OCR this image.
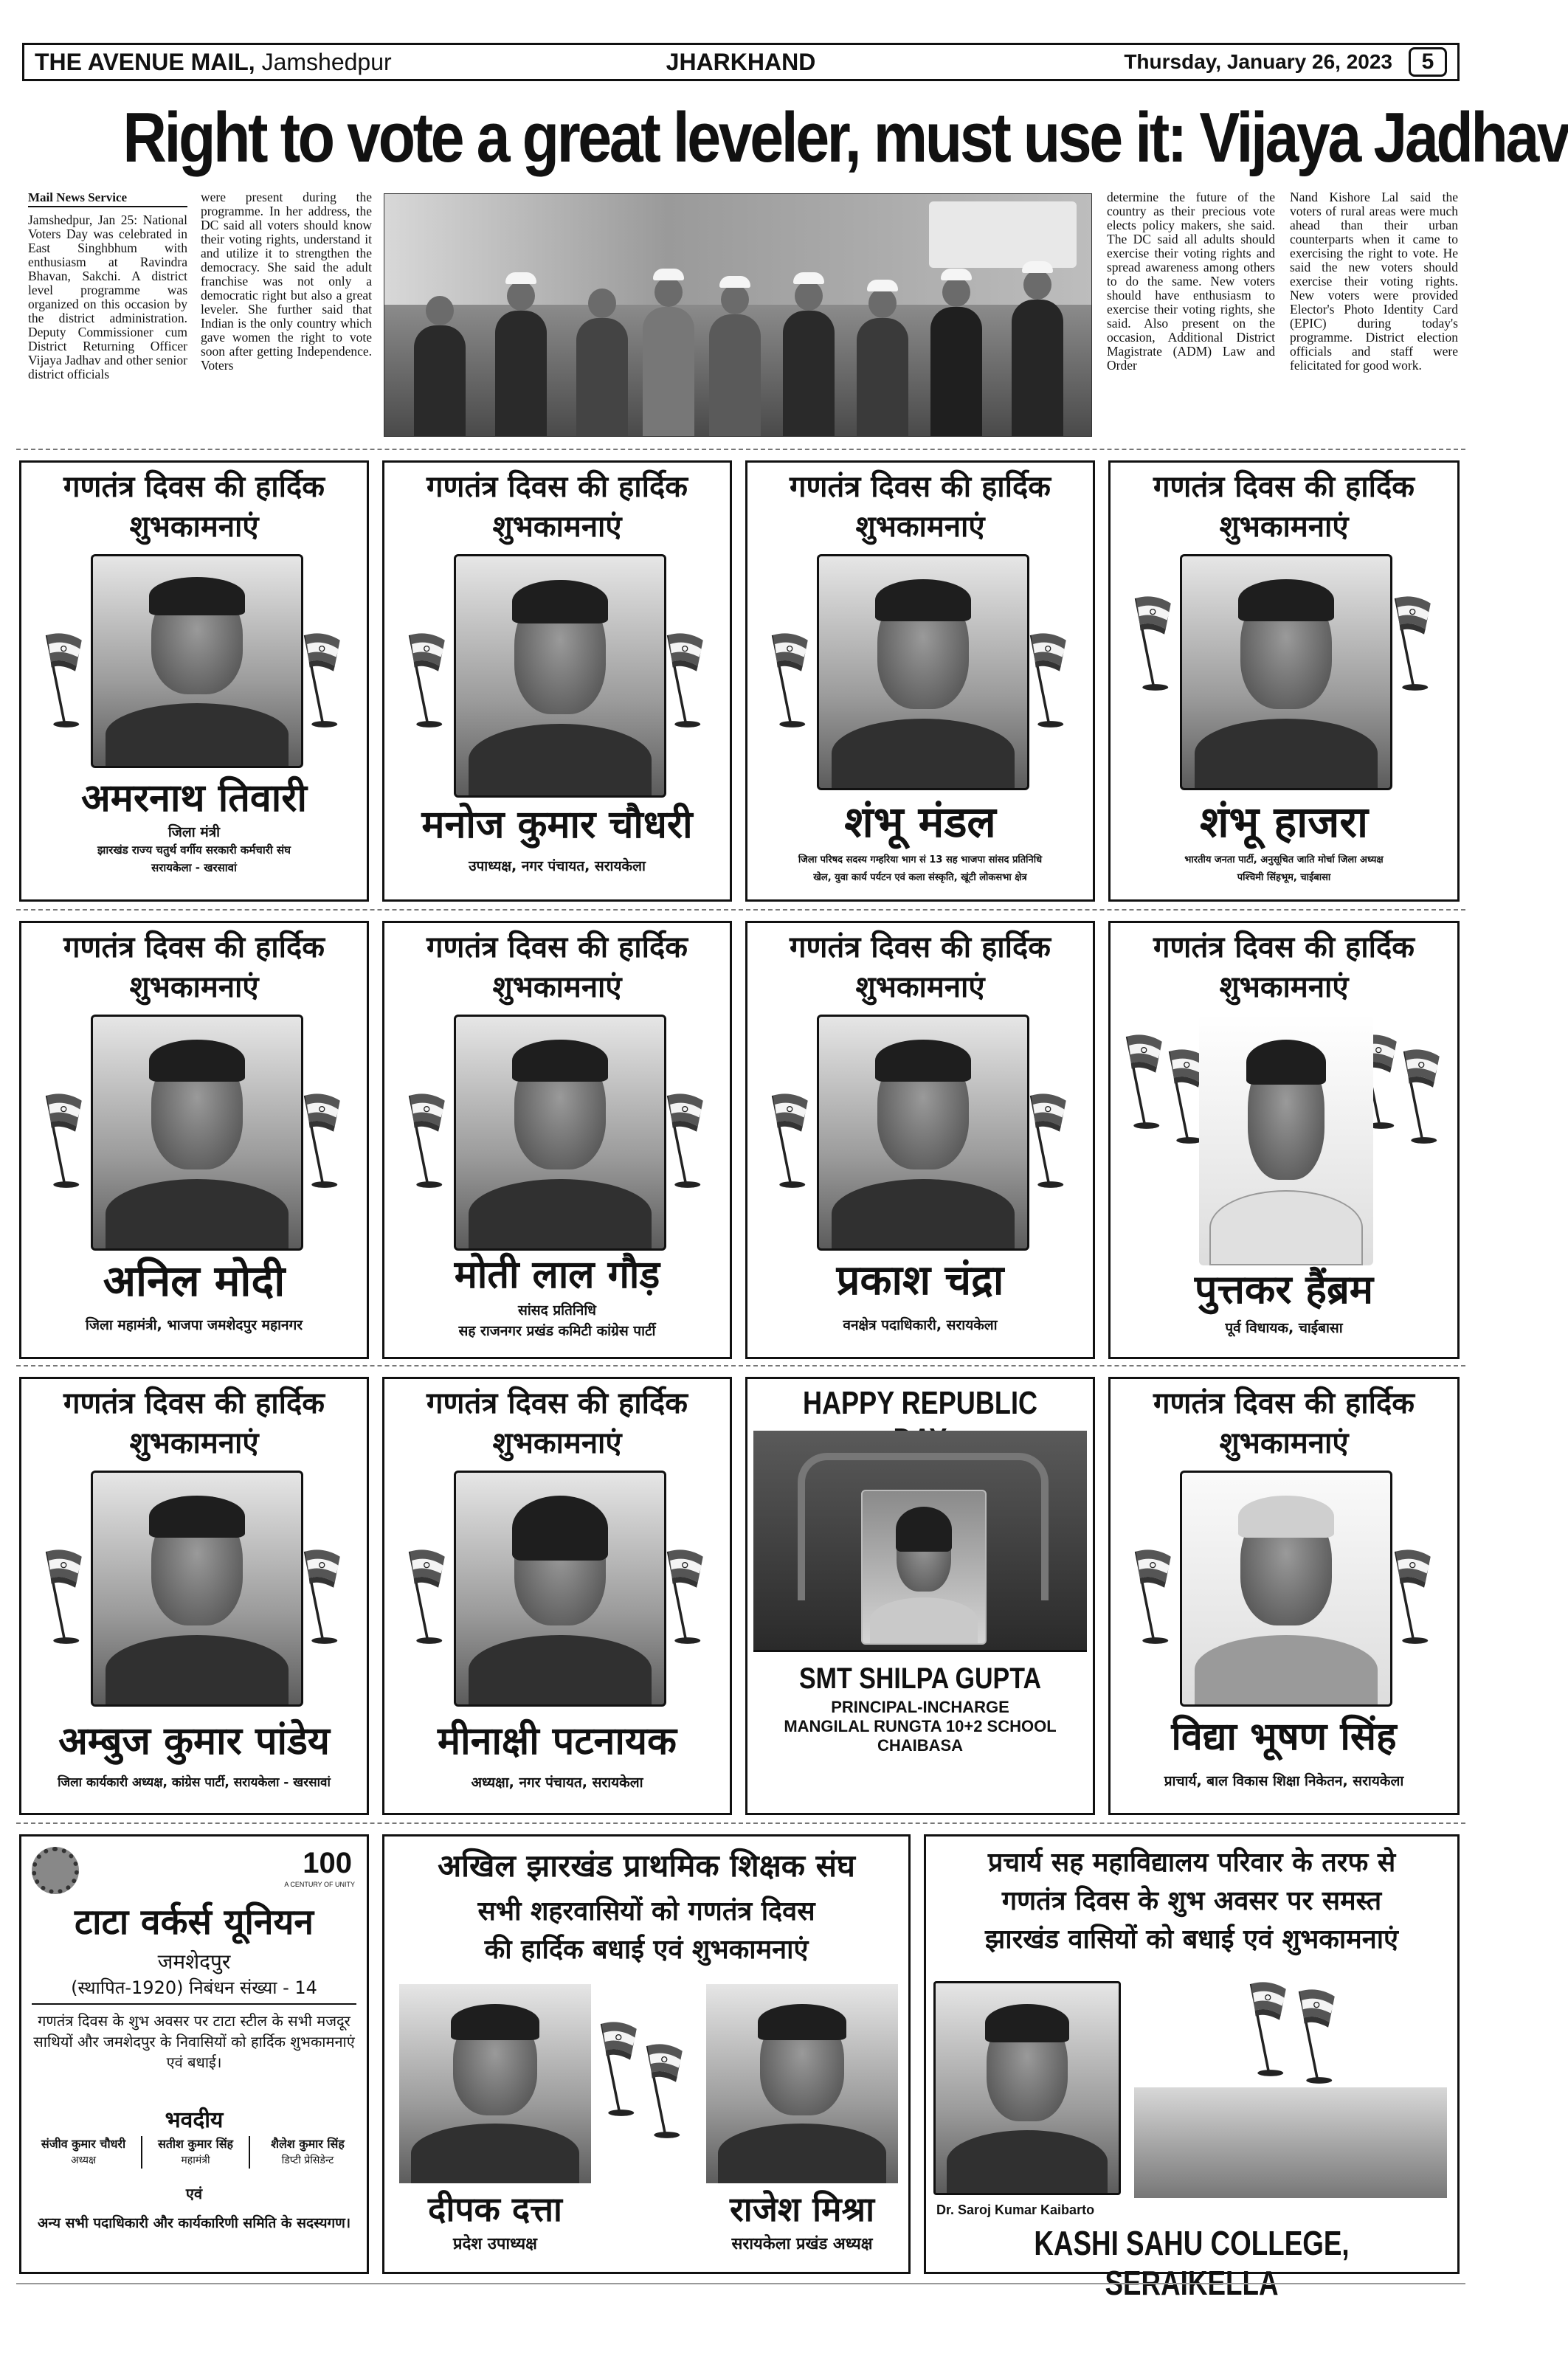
THE AVENUE MAIL, Jamshedpur	JHARKHAND	Thursday, January 26, 2023	5
Right to vote a great leveler, must use it: Vijaya Jadhav
Mail News Service
Jamshedpur, Jan 25: National Voters Day was celebrated in East Singhbhum with enthusiasm at Ravindra Bhavan, Sakchi. A district level programme was organized on this occasion by the district administration. Deputy Commissioner cum District Returning Officer Vijaya Jadhav and other senior district officials
were present during the programme. In her address, the DC said all voters should know their voting rights, understand it and utilize it to strengthen the democracy. She said the adult franchise was not only a democratic right but also a great leveler. She further said that Indian is the only country which gave women the right to vote soon after getting Independence. Voters
determine the future of the country as their precious vote elects policy makers, she said. The DC said all adults should exercise their voting rights and spread awareness among others to do the same. New voters should have enthusiasm to exercise their voting rights, she said. Also present on the occasion, Additional District Magistrate (ADM) Law and Order
Nand Kishore Lal said the voters of rural areas were much ahead than their urban counterparts when it came to exercising the right to vote. He said the new voters should exercise their voting rights. New voters were provided Elector's Photo Identity Card (EPIC) during today's programme. District election officials and staff were felicitated for good work.
गणतंत्र दिवस की हार्दिक शुभकामनाएं
अमरनाथ तिवारी
जिला मंत्री
झारखंड राज्य चतुर्थ वर्गीय सरकारी कर्मचारी संघ
सरायकेला - खरसावां
गणतंत्र दिवस की हार्दिक शुभकामनाएं
मनोज कुमार चौधरी
उपाध्यक्ष, नगर पंचायत, सरायकेला
गणतंत्र दिवस की हार्दिक शुभकामनाएं
शंभू मंडल
जिला परिषद सदस्य गम्हरिया भाग सं 13 सह भाजपा सांसद प्रतिनिधि
खेल, युवा कार्य पर्यटन एवं कला संस्कृति, खूंटी लोकसभा क्षेत्र
गणतंत्र दिवस की हार्दिक शुभकामनाएं
शंभू हाजरा
भारतीय जनता पार्टी, अनुसूचित जाति मोर्चा जिला अध्यक्ष
पश्चिमी सिंहभूम, चाईबासा
गणतंत्र दिवस की हार्दिक शुभकामनाएं
अनिल मोदी
जिला महामंत्री, भाजपा जमशेदपुर महानगर
गणतंत्र दिवस की हार्दिक शुभकामनाएं
मोती लाल गौड़
सांसद प्रतिनिधि
सह राजनगर प्रखंड कमिटी कांग्रेस पार्टी
गणतंत्र दिवस की हार्दिक शुभकामनाएं
प्रकाश चंद्रा
वनक्षेत्र पदाधिकारी, सरायकेला
गणतंत्र दिवस की हार्दिक शुभकामनाएं
पुत्तकर हैंब्रम
पूर्व विधायक, चाईबासा
गणतंत्र दिवस की हार्दिक शुभकामनाएं
अम्बुज कुमार पांडेय
जिला कार्यकारी अध्यक्ष, कांग्रेस पार्टी, सरायकेला - खरसावां
गणतंत्र दिवस की हार्दिक शुभकामनाएं
मीनाक्षी पटनायक
अध्यक्षा, नगर पंचायत, सरायकेला
HAPPY REPUBLIC
SMT SHILPA GUPTA
PRINCIPAL-INCHARGE
MANGILAL RUNGTA 10+2 SCHOOL
CHAIBASA
गणतंत्र दिवस की हार्दिक शुभकामनाएं
विद्या भूषण सिंह
प्राचार्य, बाल विकास शिक्षा निकेतन, सरायकेला
100
A CENTURY OF UNITY
टाटा वर्कर्स यूनियन
जमशेदपुर
(स्थापित-1920) निबंधन संख्या - 14
गणतंत्र दिवस के शुभ अवसर पर टाटा स्टील के सभी मजदूर साथियों और जमशेदपुर के निवासियों को हार्दिक शुभकामनाएं एवं बधाई।
भवदीय
संजीव कुमार चौधरी
अध्यक्ष
सतीश कुमार सिंह
महामंत्री
शैलेश कुमार सिंह
डिप्टी प्रेसिडेन्ट
एवं
अन्य सभी पदाधिकारी और कार्यकारिणी समिति के सदस्यगण।
अखिल झारखंड प्राथमिक शिक्षक संघ
सभी शहरवासियों को गणतंत्र दिवस
की हार्दिक बधाई एवं शुभकामनाएं
दीपक दत्ता
प्रदेश उपाध्यक्ष
राजेश मिश्रा
सरायकेला प्रखंड अध्यक्ष
प्रचार्य सह महाविद्यालय परिवार के तरफ से
गणतंत्र दिवस के शुभ अवसर पर समस्त
झारखंड वासियों को बधाई एवं शुभकामनाएं
Dr. Saroj Kumar Kaibarto
KASHI SAHU COLLEGE, SERAIKELLA
